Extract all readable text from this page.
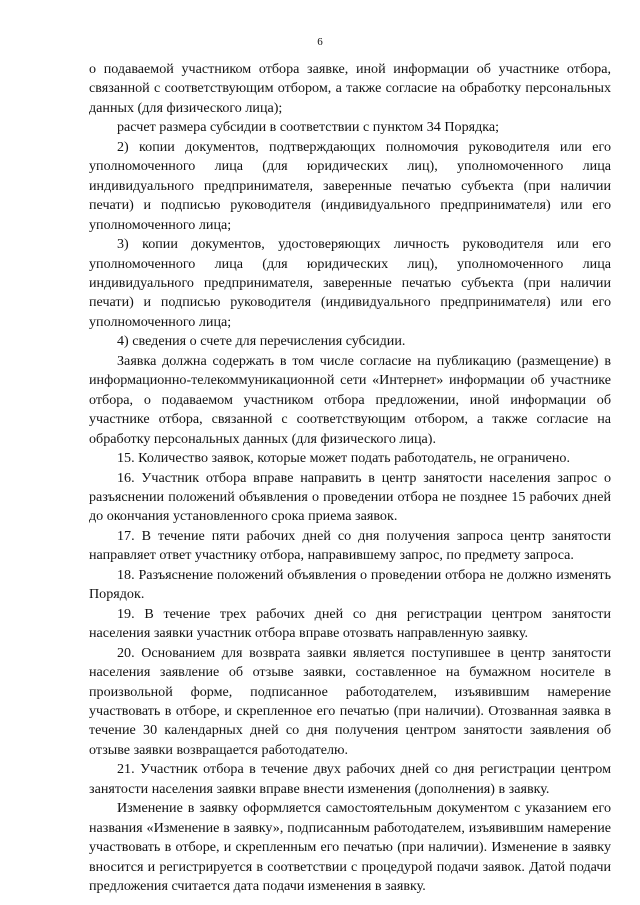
6

о подаваемой участником отбора заявке, иной информации об участнике отбора, связанной с соответствующим отбором, а также согласие на обработку персональных данных (для физического лица);

расчет размера субсидии в соответствии с пунктом 34 Порядка;

2) копии документов, подтверждающих полномочия руководителя или его уполномоченного лица (для юридических лиц), уполномоченного лица индивидуального предпринимателя, заверенные печатью субъекта (при наличии печати) и подписью руководителя (индивидуального предпринимателя) или его уполномоченного лица;

3) копии документов, удостоверяющих личность руководителя или его уполномоченного лица (для юридических лиц), уполномоченного лица индивидуального предпринимателя, заверенные печатью субъекта (при наличии печати) и подписью руководителя (индивидуального предпринимателя) или его уполномоченного лица;

4) сведения о счете для перечисления субсидии.

Заявка должна содержать в том числе согласие на публикацию (размещение) в информационно-телекоммуникационной сети «Интернет» информации об участнике отбора, о подаваемом участником отбора предложении, иной информации об участнике отбора, связанной с соответствующим отбором, а также согласие на обработку персональных данных (для физического лица).

15. Количество заявок, которые может подать работодатель, не ограничено.

16. Участник отбора вправе направить в центр занятости населения запрос о разъяснении положений объявления о проведении отбора не позднее 15 рабочих дней до окончания установленного срока приема заявок.

17. В течение пяти рабочих дней со дня получения запроса центр занятости направляет ответ участнику отбора, направившему запрос, по предмету запроса.

18. Разъяснение положений объявления о проведении отбора не должно изменять Порядок.

19. В течение трех рабочих дней со дня регистрации центром занятости населения заявки участник отбора вправе отозвать направленную заявку.

20. Основанием для возврата заявки является поступившее в центр занятости населения заявление об отзыве заявки, составленное на бумажном носителе в произвольной форме, подписанное работодателем, изъявившим намерение участвовать в отборе, и скрепленное его печатью (при наличии). Отозванная заявка в течение 30 календарных дней со дня получения центром занятости заявления об отзыве заявки возвращается работодателю.

21. Участник отбора в течение двух рабочих дней со дня регистрации центром занятости населения заявки вправе внести изменения (дополнения) в заявку.

Изменение в заявку оформляется самостоятельным документом с указанием его названия «Изменение в заявку», подписанным работодателем, изъявившим намерение участвовать в отборе, и скрепленным его печатью (при наличии). Изменение в заявку вносится и регистрируется в соответствии с процедурой подачи заявок. Датой подачи предложения считается дата подачи изменения в заявку.
